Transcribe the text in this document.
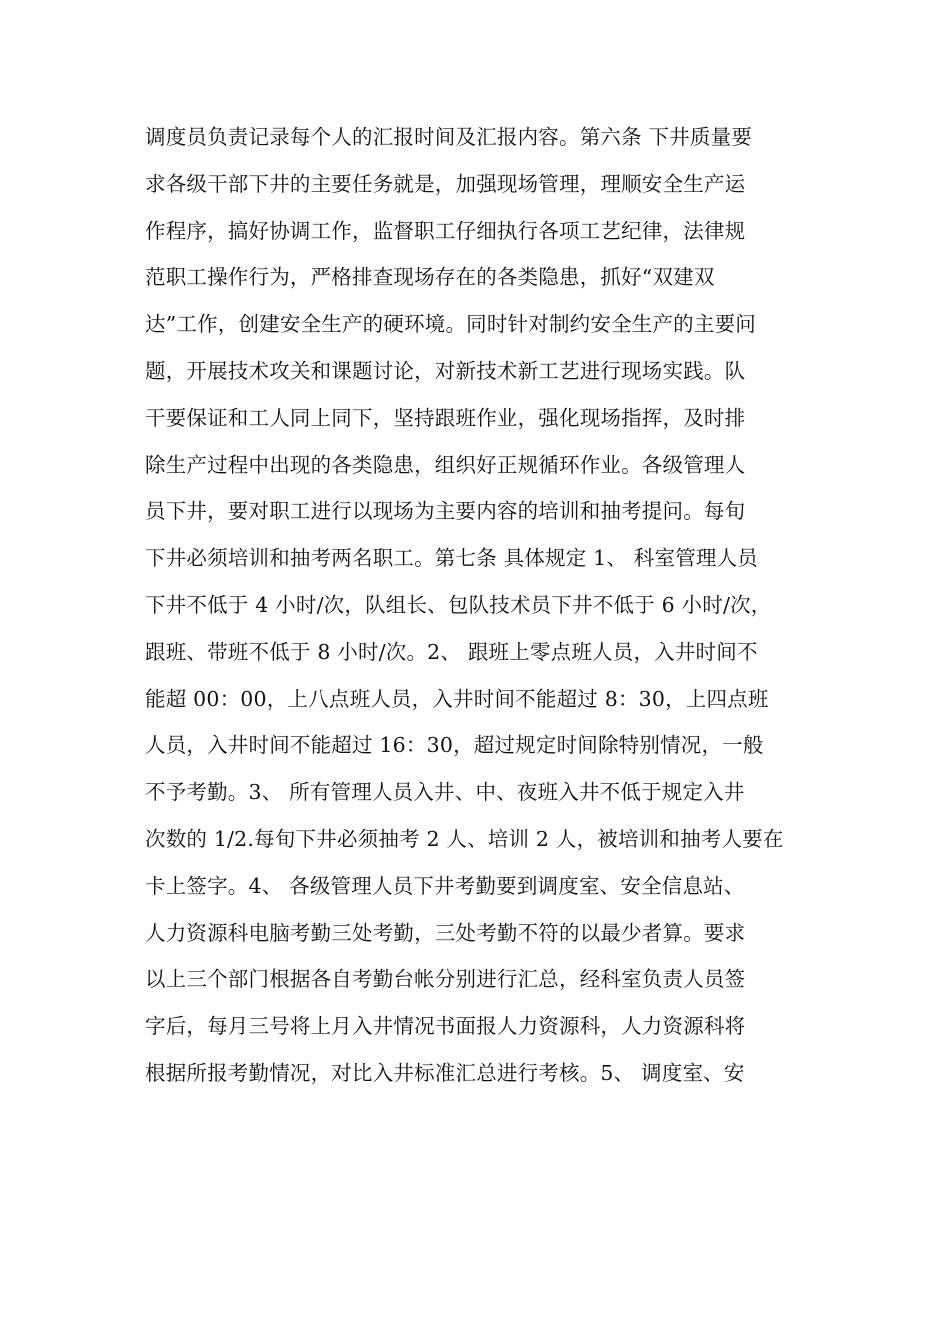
调度员负责记录每个人的汇报时间及汇报内容。第六条 下井质量要
求各级干部下井的主要任务就是，加强现场管理，理顺安全生产运
作程序，搞好协调工作，监督职工仔细执行各项工艺纪律，法律规
范职工操作行为，严格排查现场存在的各类隐患，抓好“双建双
达”工作，创建安全生产的硬环境。同时针对制约安全生产的主要问
题，开展技术攻关和课题讨论，对新技术新工艺进行现场实践。队
干要保证和工人同上同下，坚持跟班作业，强化现场指挥，及时排
除生产过程中出现的各类隐患，组织好正规循环作业。各级管理人
员下井，要对职工进行以现场为主要内容的培训和抽考提问。每旬
下井必须培训和抽考两名职工。第七条 具体规定 1、 科室管理人员
下井不低于 4 小时/次，队组长、包队技术员下井不低于 6 小时/次，
跟班、带班不低于 8 小时/次。2、 跟班上零点班人员，入井时间不
能超 00：00，上八点班人员，入井时间不能超过 8：30，上四点班
人员，入井时间不能超过 16：30，超过规定时间除特别情况，一般
不予考勤。3、 所有管理人员入井、中、夜班入井不低于规定入井
次数的 1/2.每旬下井必须抽考 2 人、培训 2 人，被培训和抽考人要在
卡上签字。4、 各级管理人员下井考勤要到调度室、安全信息站、
人力资源科电脑考勤三处考勤，三处考勤不符的以最少者算。要求
以上三个部门根据各自考勤台帐分别进行汇总，经科室负责人员签
字后，每月三号将上月入井情况书面报人力资源科，人力资源科将
根据所报考勤情况，对比入井标准汇总进行考核。5、 调度室、安
